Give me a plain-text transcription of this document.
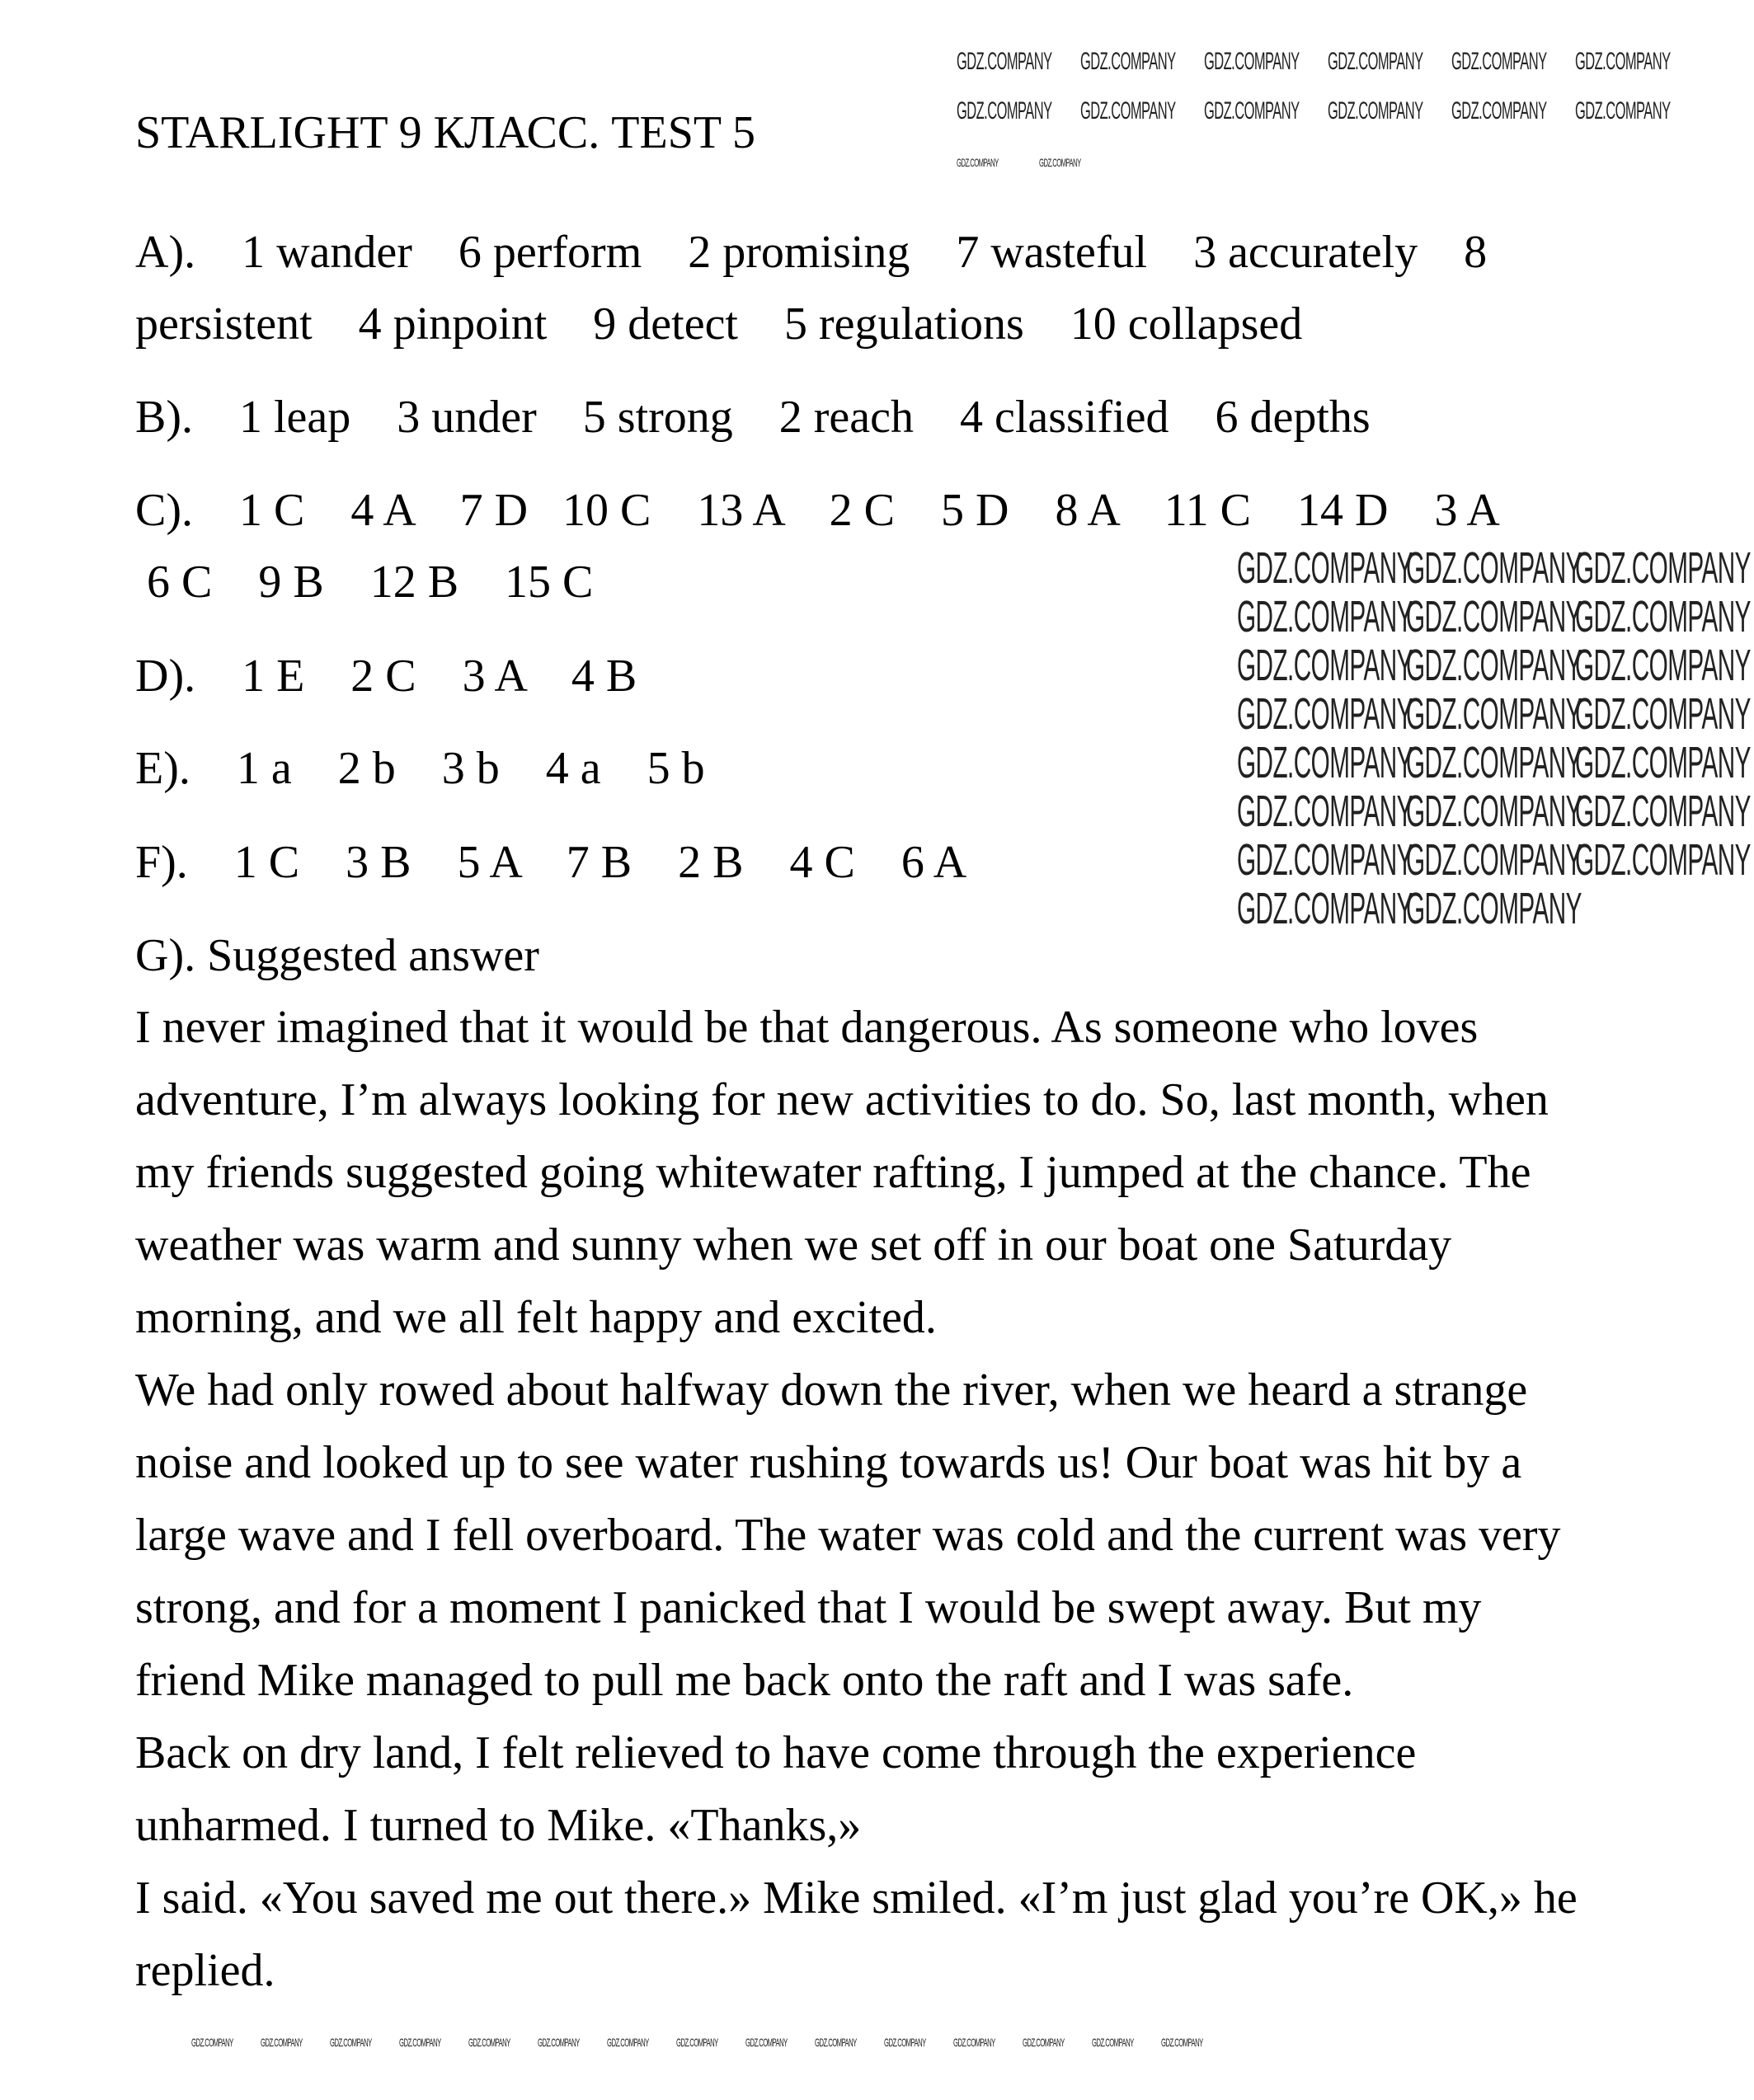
STARLIGHT 9 КЛАСС. TEST 5
A).    1 wander    6 perform    2 promising    7 wasteful    3 accurately    8
persistent    4 pinpoint    9 detect    5 regulations    10 collapsed
B).    1 leap    3 under    5 strong    2 reach    4 classified    6 depths
C).    1 C    4 A    7 D   10 C    13 A    2 C    5 D    8 A    11 C    14 D    3 A
6 C    9 B    12 B    15 C
D).    1 E    2 C    3 A    4 B
E).    1 a    2 b    3 b    4 a    5 b
F).    1 C    3 B    5 A    7 B    2 B    4 C    6 A
G). Suggested answer
I never imagined that it would be that dangerous. As someone who loves
adventure, I’m always looking for new activities to do. So, last month, when
my friends suggested going whitewater rafting, I jumped at the chance. The
weather was warm and sunny when we set off in our boat one Saturday
morning, and we all felt happy and excited.
We had only rowed about halfway down the river, when we heard a strange
noise and looked up to see water rushing towards us! Our boat was hit by a
large wave and I fell overboard. The water was cold and the current was very
strong, and for a moment I panicked that I would be swept away. But my
friend Mike managed to pull me back onto the raft and I was safe.
Back on dry land, I felt relieved to have come through the experience
unharmed. I turned to Mike. «Thanks,»
I said. «You saved me out there.» Mike smiled. «I’m just glad you’re OK,» he
replied.
GDZ.COMPANY
GDZ.COMPANY
GDZ.COMPANY
GDZ.COMPANY
GDZ.COMPANY
GDZ.COMPANY
GDZ.COMPANY
GDZ.COMPANY
GDZ.COMPANY
GDZ.COMPANY
GDZ.COMPANY
GDZ.COMPANY
GDZ.COMPANY
GDZ.COMPANY
GDZ.COMPANY
GDZ.COMPANY
GDZ.COMPANY
GDZ.COMPANY
GDZ.COMPANY
GDZ.COMPANY
GDZ.COMPANY
GDZ.COMPANY
GDZ.COMPANY
GDZ.COMPANY GDZ.COMPANY GDZ.COMPANY GDZ.COMPANY GDZ.COMPANY GDZ.COMPANY
GDZ.COMPANY GDZ.COMPANY GDZ.COMPANY GDZ.COMPANY GDZ.COMPANY GDZ.COMPANY
GDZ.COMPANY	GDZ.COMPANY
GDZ.COMPANY GDZ.COMPANY GDZ.COMPANY GDZ.COMPANY GDZ.COMPANY GDZ.COMPANY GDZ.COMPANY GDZ.COMPANY GDZ.COMPANY GDZ.COMPANY GDZ.COMPANY GDZ.COMPANY GDZ.COMPANY GDZ.COMPANY GDZ.COMPANY
